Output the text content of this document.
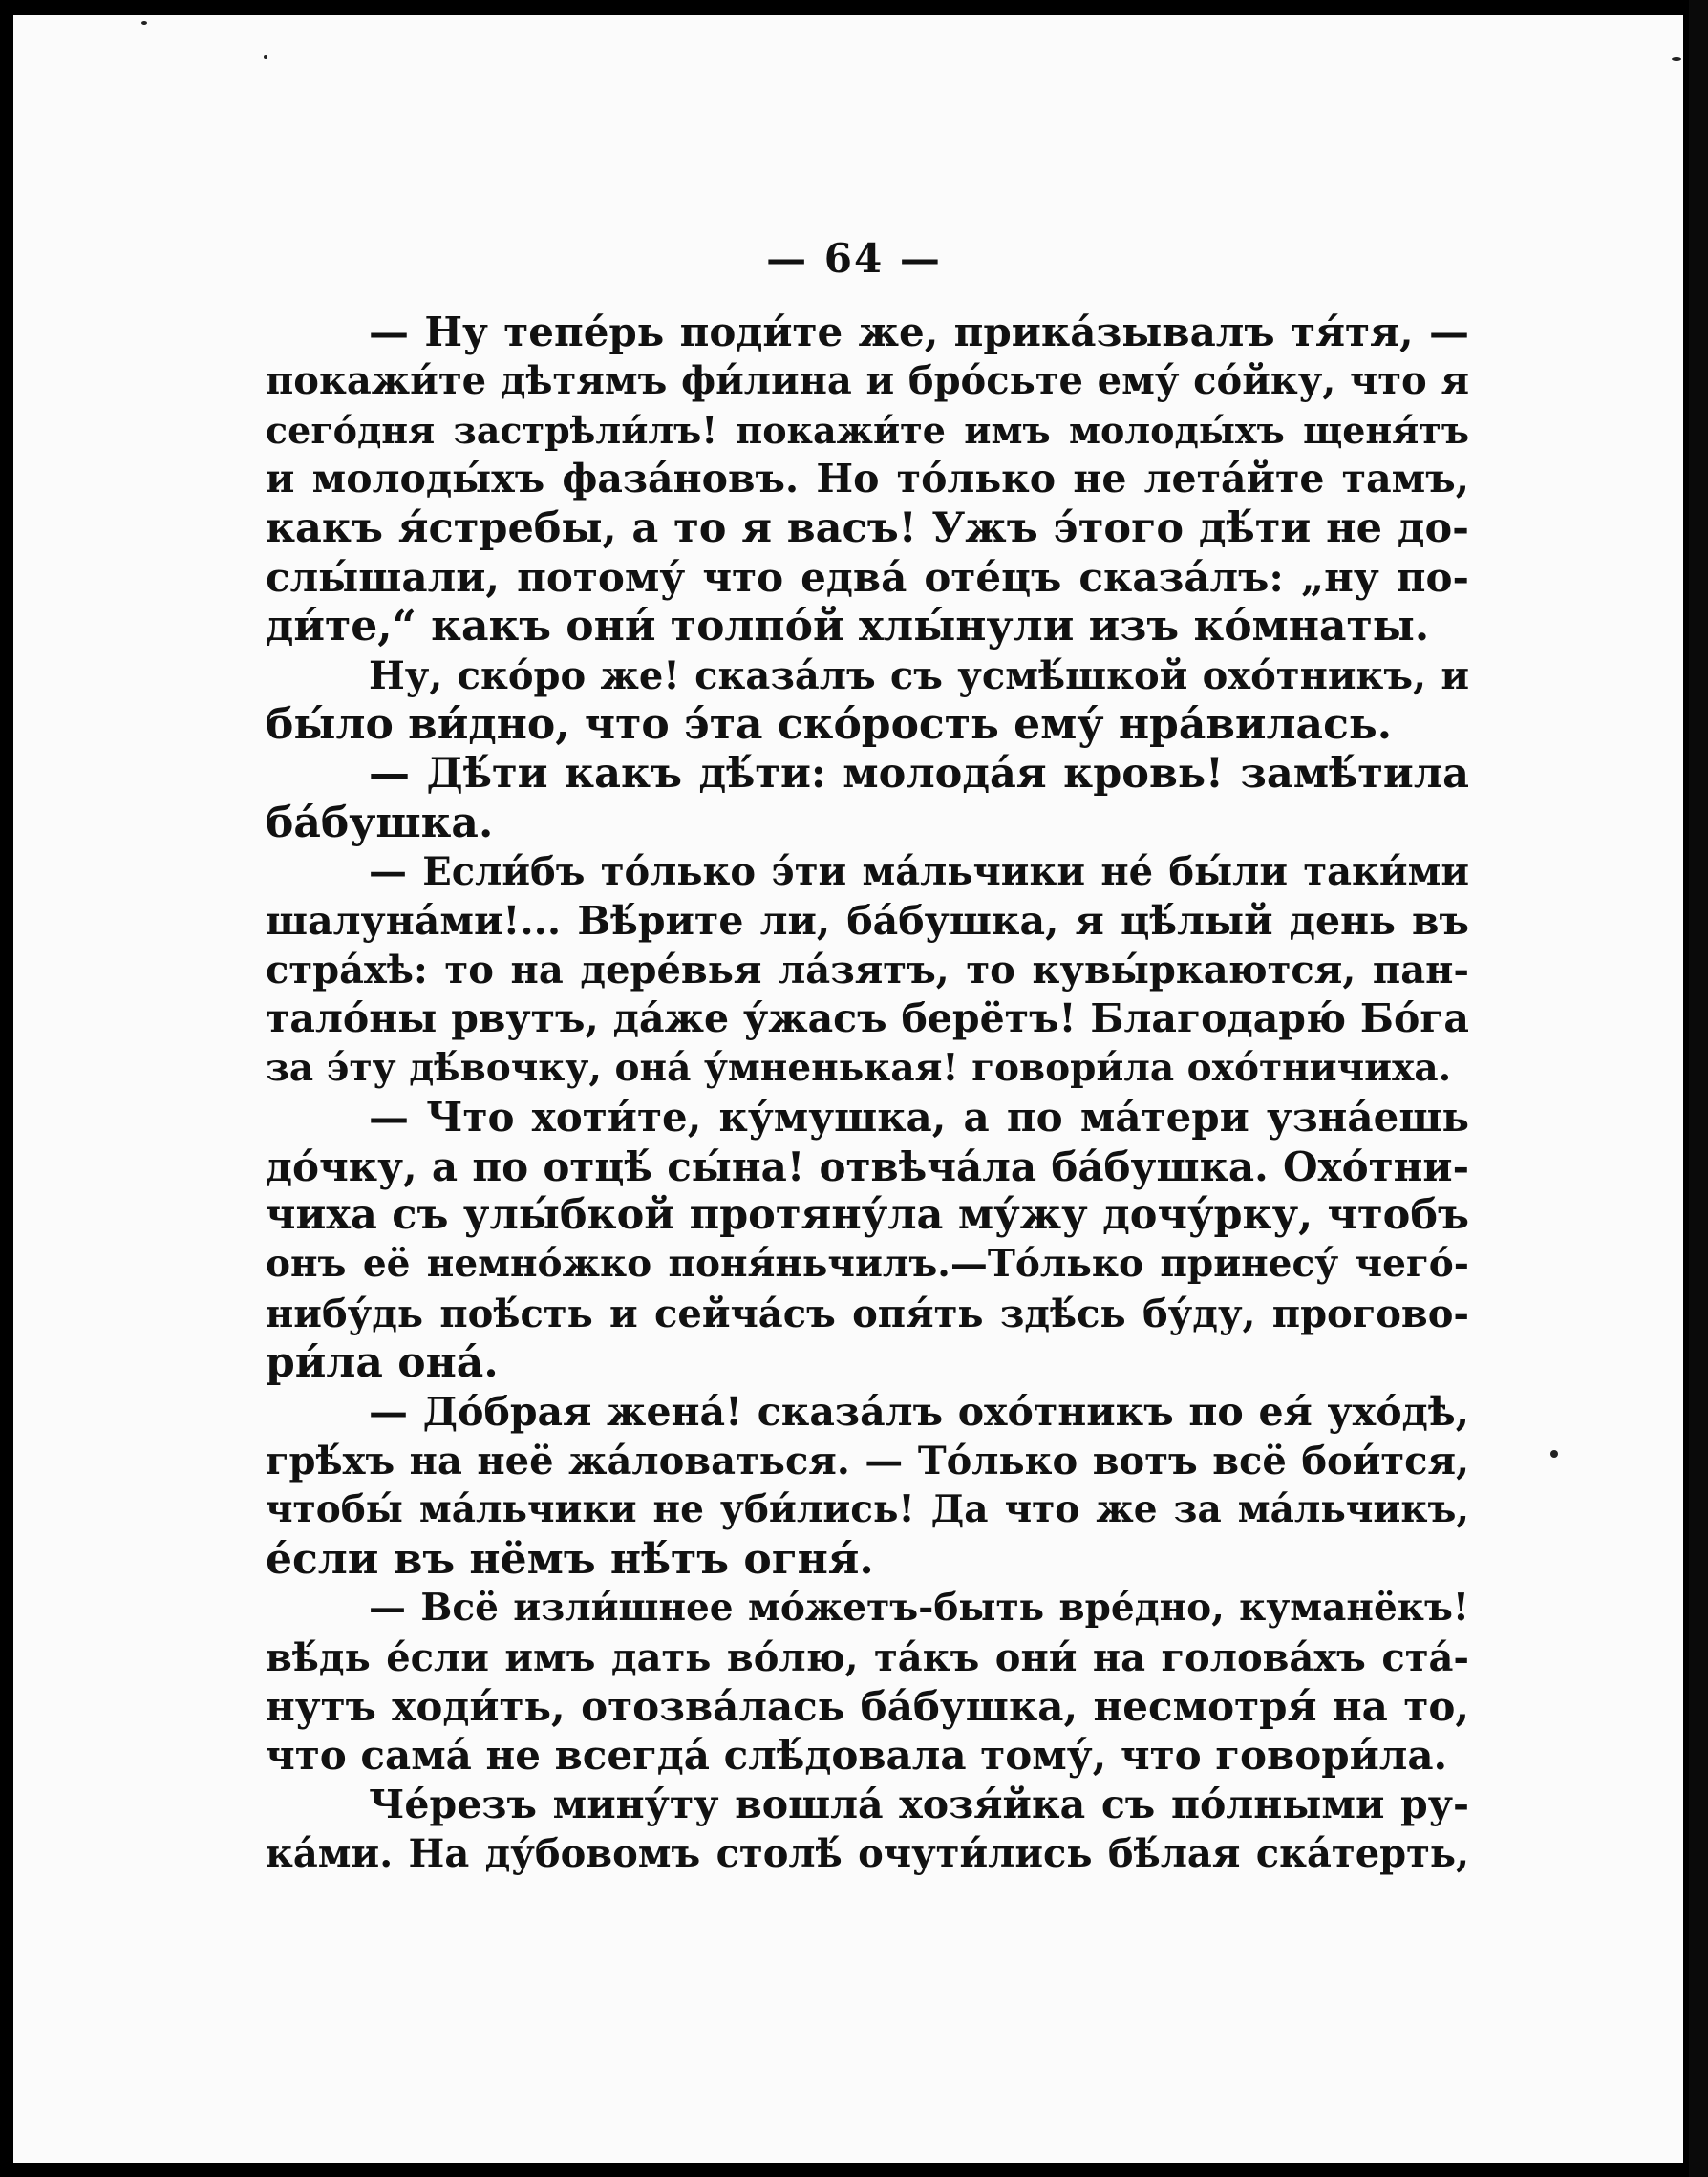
— 64 —
— Ну тепе́рь поди́те же, прика́зывалъ тя́тя, —
покажи́те дѣтямъ фи́лина и бро́сьте ему́ со́йку, что я
сего́дня застрѣли́лъ! покажи́те имъ молоды́хъ щеня́тъ
и молоды́хъ фаза́новъ. Но то́лько не лета́йте тамъ,
какъ я́стребы, а то я васъ! Ужъ э́того дѣ́ти не до-
слы́шали, потому́ что едва́ оте́цъ сказа́лъ: „ну по-
ди́те,“ какъ они́ толпо́й хлы́нули изъ ко́мнаты.
Ну, ско́ро же! сказа́лъ съ усмѣ́шкой охо́тникъ, и
бы́ло ви́дно, что э́та ско́рость ему́ нра́вилась.
— Дѣ́ти какъ дѣ́ти: молода́я кровь! замѣ́тила
ба́бушка.
— Если́бъ то́лько э́ти ма́льчики не́ бы́ли таки́ми
шалуна́ми!... Вѣ́рите ли, ба́бушка, я цѣ́лый день въ
стра́хѣ: то на дере́вья ла́зятъ, то кувы́ркаются, пан-
тало́ны рвутъ, да́же у́жасъ берётъ! Благодарю́ Бо́га
за э́ту дѣ́вочку, она́ у́мненькая! говори́ла охо́тничиха.
— Что хоти́те, ку́мушка, а по ма́тери узна́ешь
до́чку, а по отцѣ́ сы́на! отвѣча́ла ба́бушка. Охо́тни-
чиха съ улы́бкой протяну́ла му́жу дочу́рку, чтобъ
онъ её немно́жко поня́ньчилъ.—То́лько принесу́ чего́-
нибу́дь поѣ́сть и сейча́съ опя́ть здѣ́сь бу́ду, прогово-
ри́ла она́.
— До́брая жена́! сказа́лъ охо́тникъ по ея́ ухо́дѣ,
грѣ́хъ на неё жа́ловаться. — То́лько вотъ всё бои́тся,
чтобы́ ма́льчики не уби́лись! Да что же за ма́льчикъ,
е́сли въ нёмъ нѣ́тъ огня́.
— Всё изли́шнее мо́жетъ-быть вре́дно, куманёкъ!
вѣ́дь е́сли имъ дать во́лю, та́къ они́ на голова́хъ ста́-
нутъ ходи́ть, отозва́лась ба́бушка, несмотря́ на то,
что сама́ не всегда́ слѣ́довала тому́, что говори́ла.
Че́резъ мину́ту вошла́ хозя́йка съ по́лными ру-
ка́ми. На ду́бовомъ столѣ́ очути́лись бѣ́лая ска́терть,
